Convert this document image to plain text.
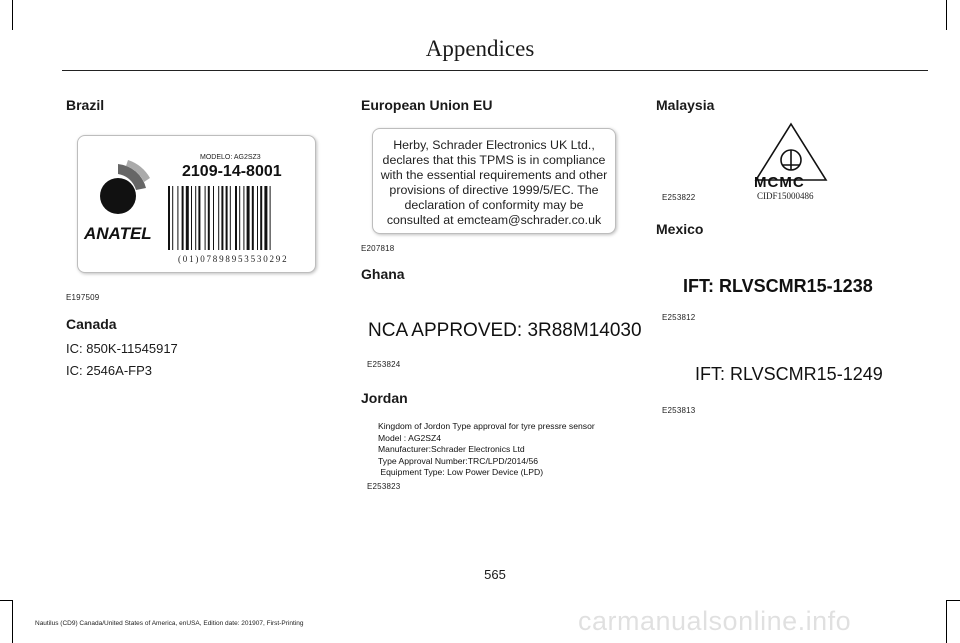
Appendices
Brazil
ANATEL
MODELO: AG2SZ3
2109-14-8001
(01)07898953530292
E197509
Canada
IC: 850K-11545917
IC: 2546A-FP3
European Union EU
Herby, Schrader Electronics UK Ltd.,
declares that this TPMS is in compliance
with the essential requirements and other
provisions of directive 1999/5/EC. The
declaration of conformity may be
consulted at emcteam@schrader.co.uk
E207818
Ghana
NCA APPROVED: 3R88M14030
E253824
Jordan
Kingdom of Jordon Type approval for tyre pressre sensor
Model : AG2SZ4
Manufacturer:Schrader Electronics Ltd
Type Approval Number:TRC/LPD/2014/56
Equipment Type: Low Power Device (LPD)
E253823
Malaysia
MCMC
CIDF15000486
E253822
Mexico
IFT: RLVSCMR15-1238
E253812
IFT: RLVSCMR15-1249
E253813
565
Nautilus (CD9) Canada/United States of America, enUSA, Edition date: 201907, First-Printing	carmanualsonline.info
